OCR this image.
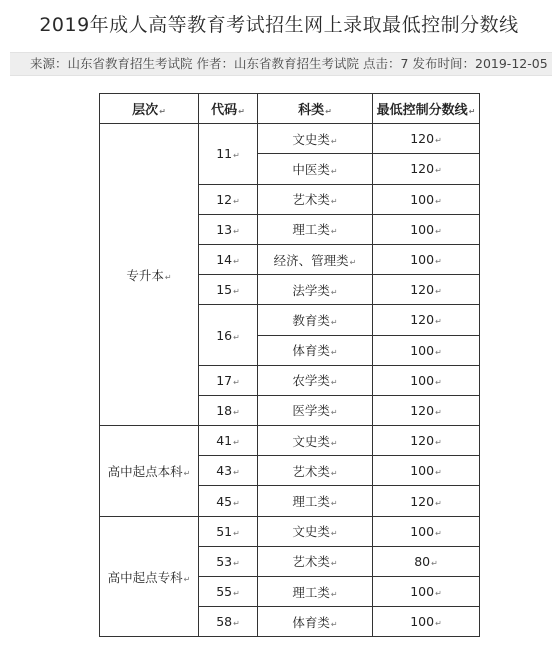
2019年成人高等教育考试招生网上录取最低控制分数线
来源：山东省教育招生考试院 作者：山东省教育招生考试院 点击：7 发布时间：2019-12-05
层次↵	代码↵	科类↵	最低控制分数线↵
专升本↵	11↵	文史类↵	120↵
		中医类↵	120↵
	12↵	艺术类↵	100↵
	13↵	理工类↵	100↵
	14↵	经济、管理类↵	100↵
	15↵	法学类↵	120↵
	16↵	教育类↵	120↵
		体育类↵	100↵
	17↵	农学类↵	100↵
	18↵	医学类↵	120↵
高中起点本科↵	41↵	文史类↵	120↵
	43↵	艺术类↵	100↵
	45↵	理工类↵	120↵
高中起点专科↵	51↵	文史类↵	100↵
	53↵	艺术类↵	80↵
	55↵	理工类↵	100↵
	58↵	体育类↵	100↵
